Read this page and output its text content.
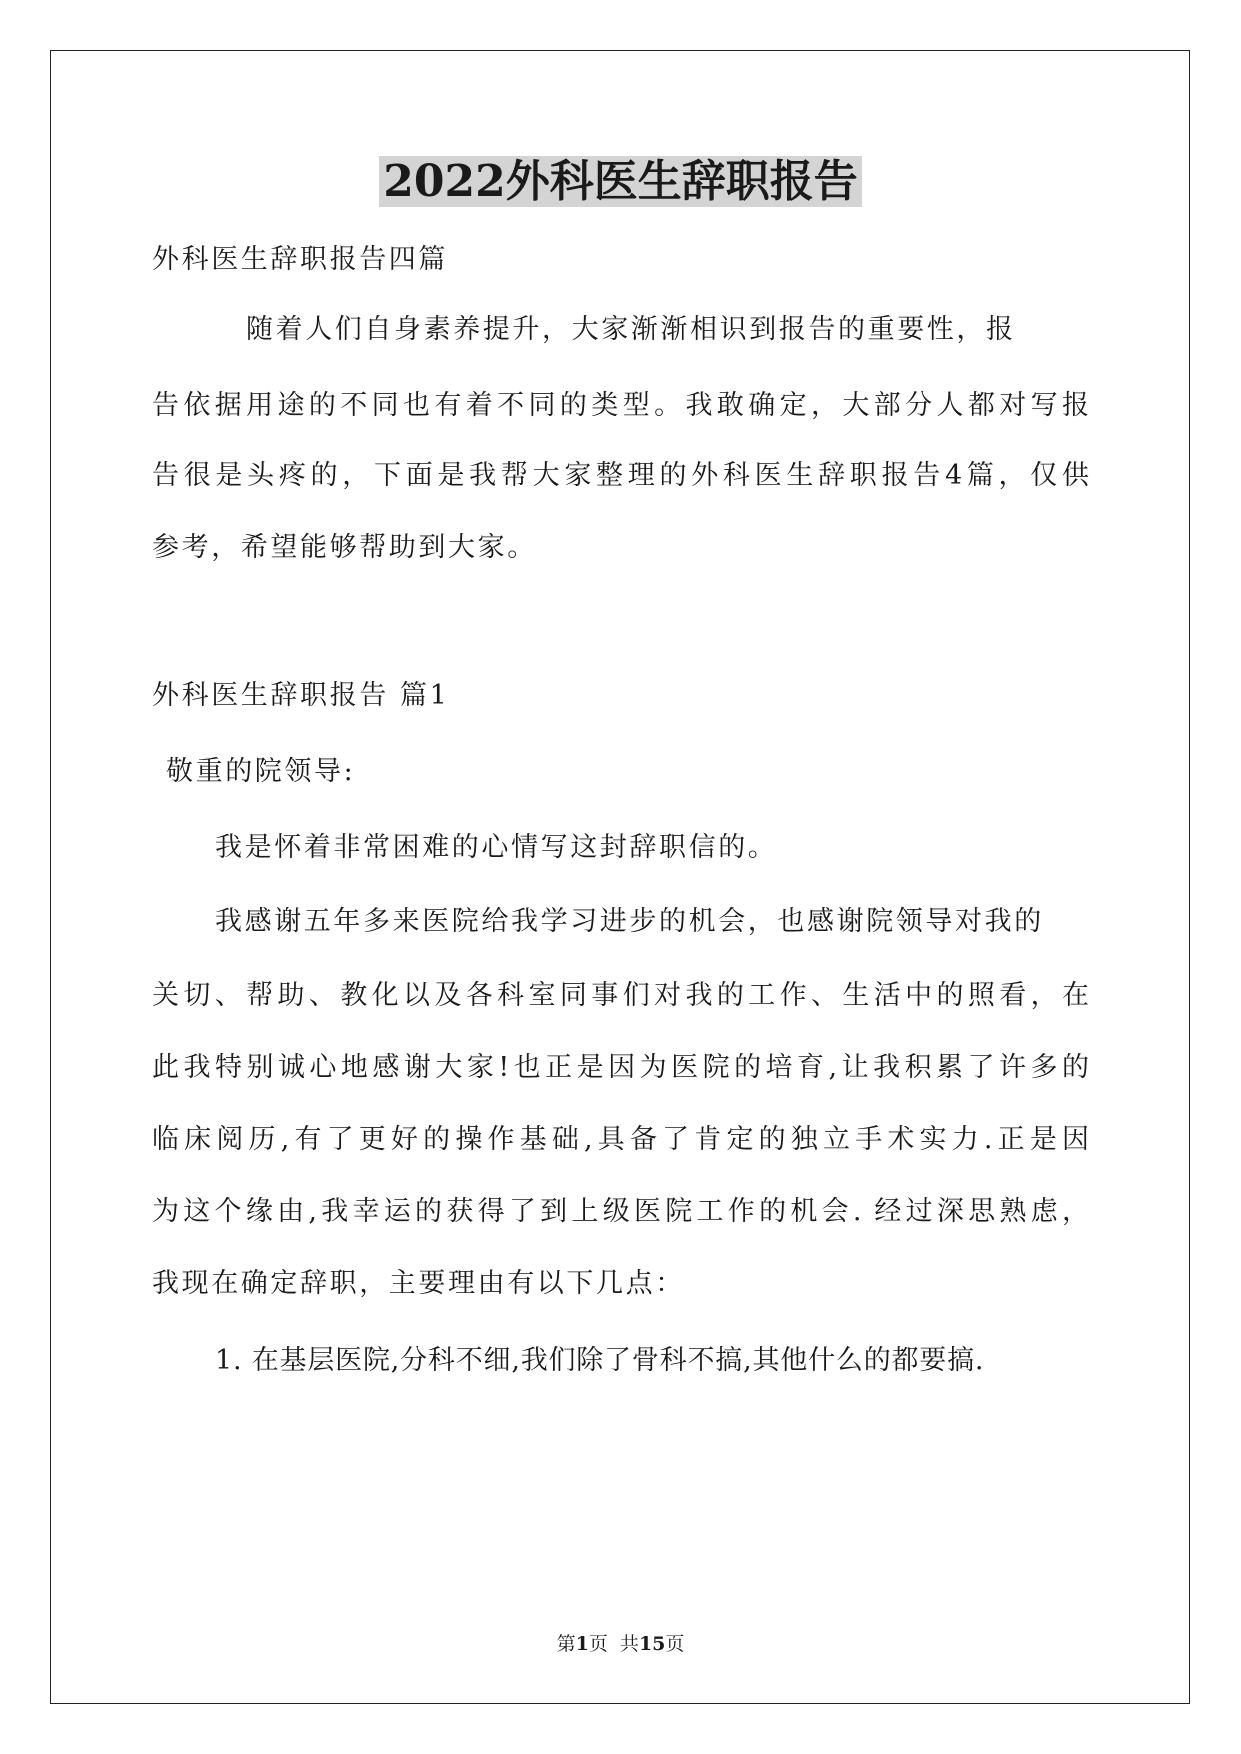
2022外科医生辞职报告

外科医生辞职报告四篇

随着人们自身素养提升，大家渐渐相识到报告的重要性，报

告依据用途的不同也有着不同的类型。我敢确定，大部分人都对写报

告很是头疼的，下面是我帮大家整理的外科医生辞职报告4篇，仅供

参考，希望能够帮助到大家。

外科医生辞职报告 篇1

敬重的院领导:

我是怀着非常困难的心情写这封辞职信的。

我感谢五年多来医院给我学习进步的机会，也感谢院领导对我的

关切、帮助、教化以及各科室同事们对我的工作、生活中的照看，在

此我特别诚心地感谢大家!也正是因为医院的培育,让我积累了许多的

临床阅历,有了更好的操作基础,具备了肯定的独立手术实力.正是因

为这个缘由,我幸运的获得了到上级医院工作的机会. 经过深思熟虑，

我现在确定辞职，主要理由有以下几点：

1. 在基层医院,分科不细,我们除了骨科不搞,其他什么的都要搞.

第1页  共15页
